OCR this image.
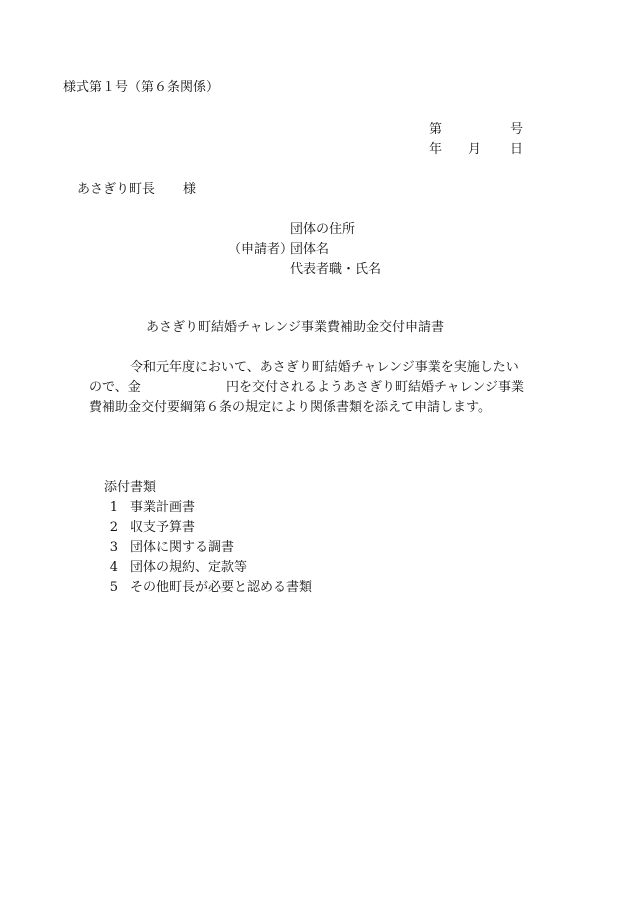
様式第１号（第６条関係）
第	号
年 月 日
あさぎり町長 様
団体の住所
（申請者）
団体名
代表者職・氏名
あさぎり町結婚チャレンジ事業費補助金交付申請書
令和元年度において、あさぎり町結婚チャレンジ事業を実施したい
ので、金	円を交付されるようあさぎり町結婚チャレンジ事業
費補助金交付要綱第６条の規定により関係書類を添えて申請します。
添付書類
1 事業計画書
2 収支予算書
3 団体に関する調書
4 団体の規約、定款等
5 その他町長が必要と認める書類
